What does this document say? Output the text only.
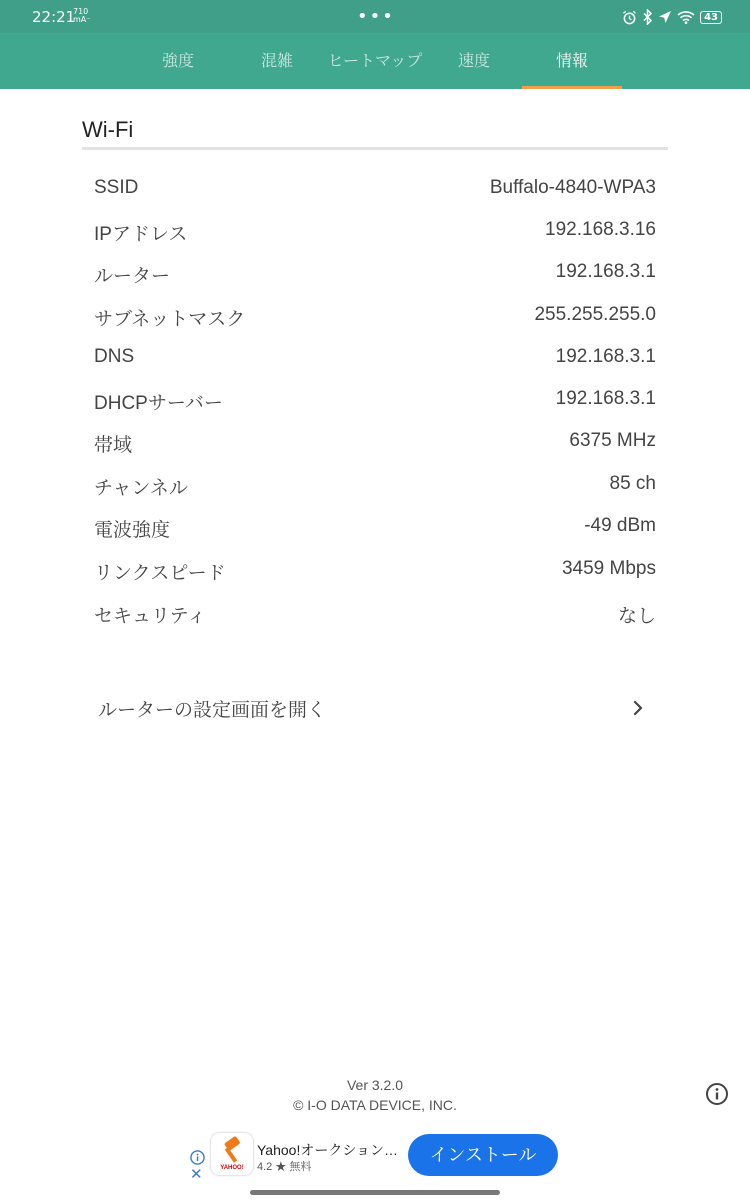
22:21
710
mA⁻	•••	43
強度	混雑	ヒートマップ	速度	情報
Wi-Fi
SSID	Buffalo-4840-WPA3
IPアドレス	192.168.3.16
ルーター	192.168.3.1
サブネットマスク	255.255.255.0
DNS	192.168.3.1
DHCPサーバー	192.168.3.1
帯域	6375 MHz
チャンネル	85 ch
電波強度	-49 dBm
リンクスピード	3459 Mbps
セキュリティ	なし
ルーターの設定画面を開く
Ver 3.2.0
© I-O DATA DEVICE, INC.
✕	YAHOO!
Yahoo!オークション…
4.2 ★ 無料
インストール
